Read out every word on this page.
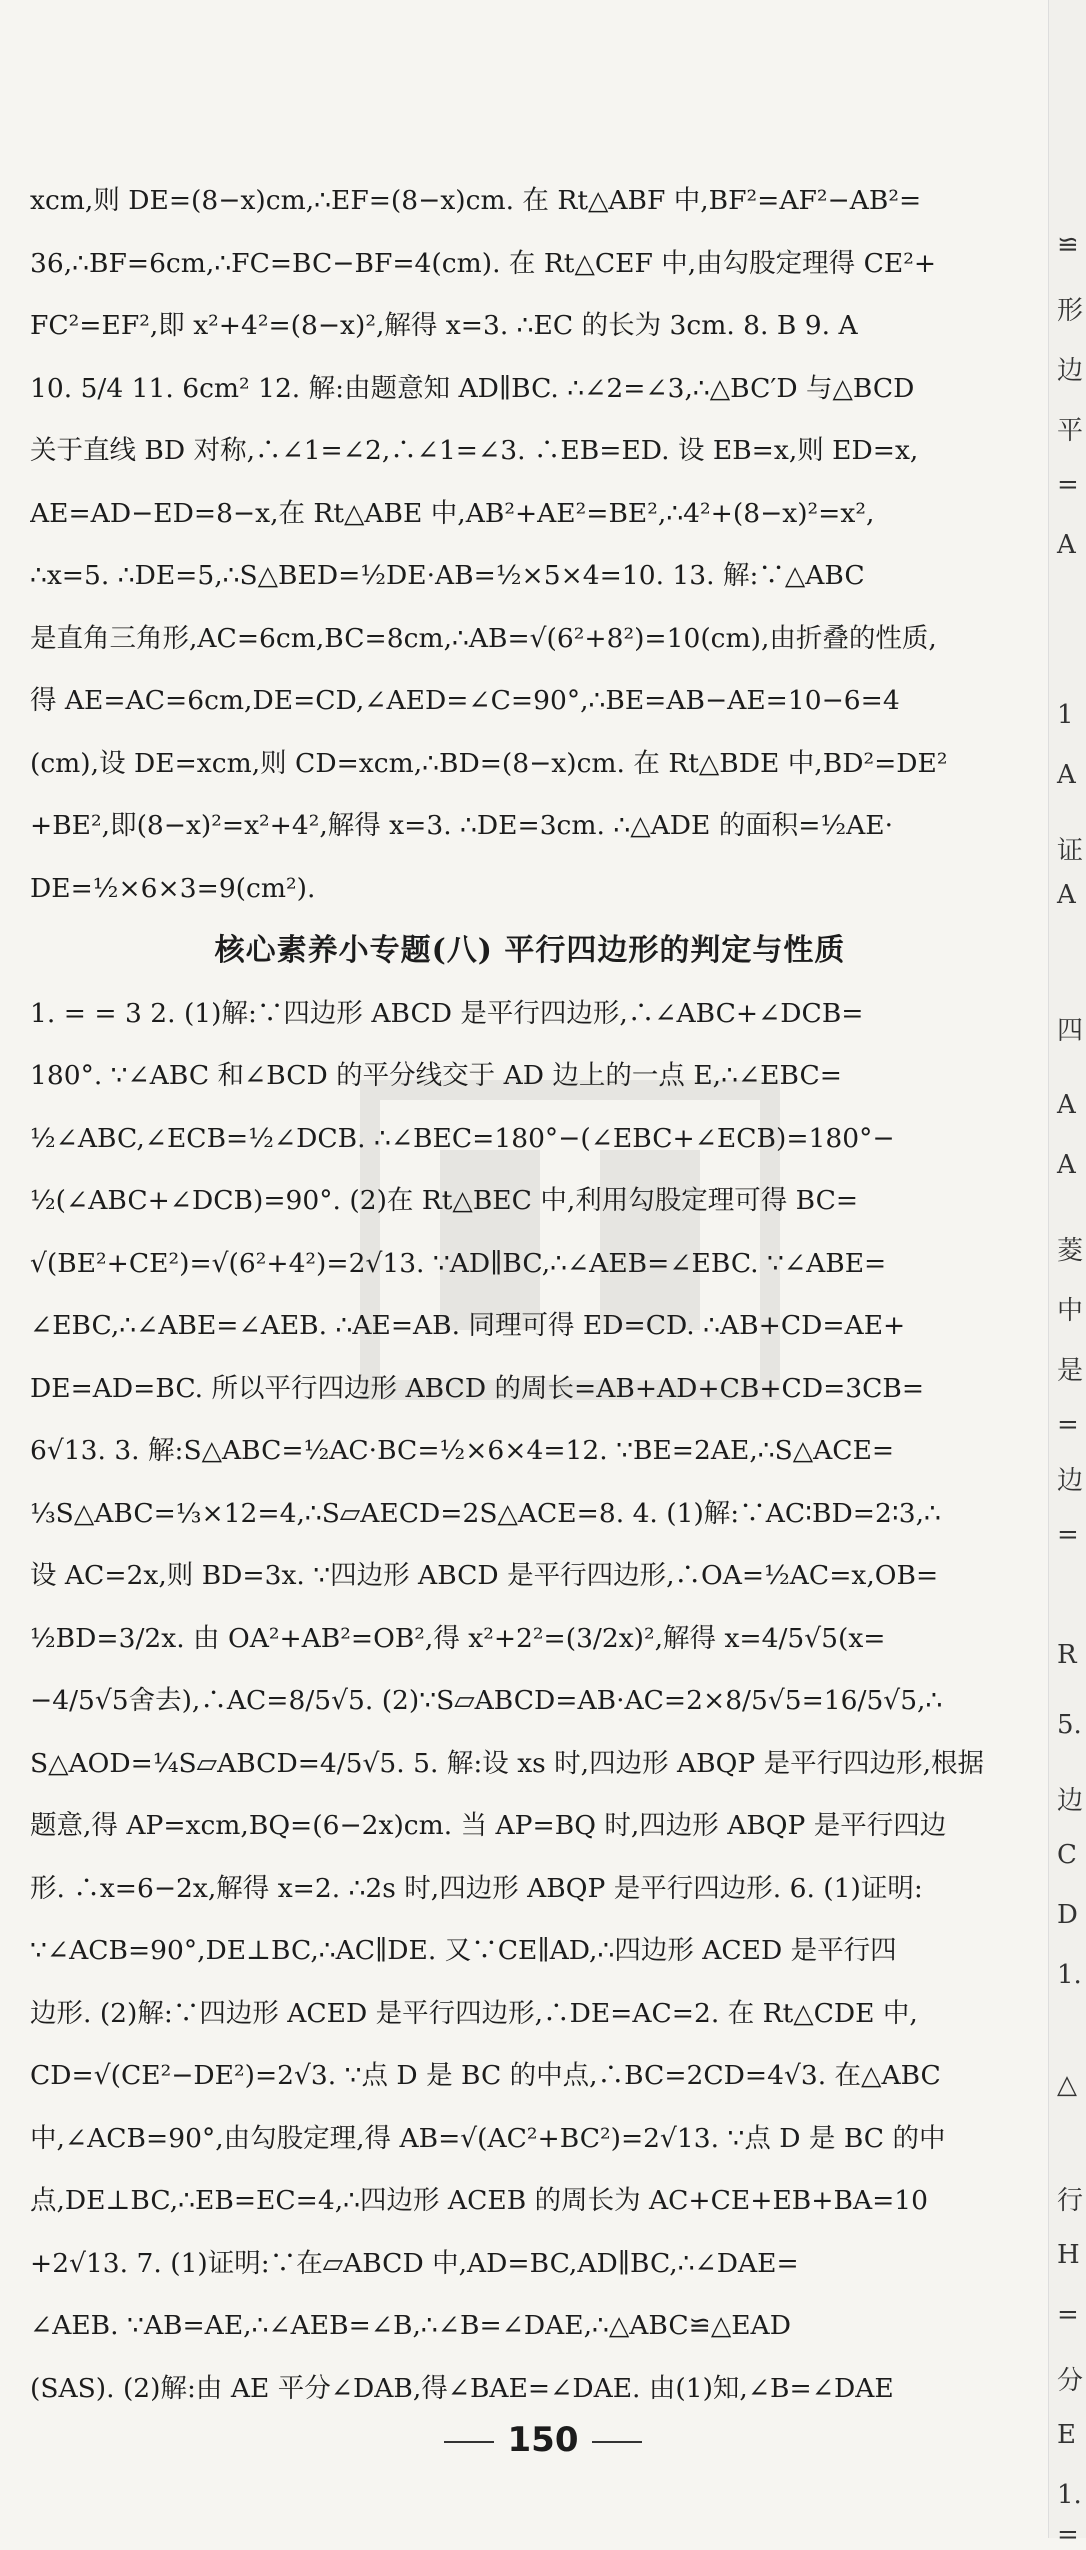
xcm,则 DE=(8−x)cm,∴EF=(8−x)cm. 在 Rt△ABF 中,BF²=AF²−AB²=
36,∴BF=6cm,∴FC=BC−BF=4(cm). 在 Rt△CEF 中,由勾股定理得 CE²+
FC²=EF²,即 x²+4²=(8−x)²,解得 x=3. ∴EC 的长为 3cm. 8. B 9. A
10. 5/4 11. 6cm² 12. 解:由题意知 AD∥BC. ∴∠2=∠3,∴△BC′D 与△BCD
关于直线 BD 对称,∴∠1=∠2,∴∠1=∠3. ∴EB=ED. 设 EB=x,则 ED=x,
AE=AD−ED=8−x,在 Rt△ABE 中,AB²+AE²=BE²,∴4²+(8−x)²=x²,
∴x=5. ∴DE=5,∴S△BED=½DE·AB=½×5×4=10. 13. 解:∵△ABC
是直角三角形,AC=6cm,BC=8cm,∴AB=√(6²+8²)=10(cm),由折叠的性质,
得 AE=AC=6cm,DE=CD,∠AED=∠C=90°,∴BE=AB−AE=10−6=4
(cm),设 DE=xcm,则 CD=xcm,∴BD=(8−x)cm. 在 Rt△BDE 中,BD²=DE²
+BE²,即(8−x)²=x²+4²,解得 x=3. ∴DE=3cm. ∴△ADE 的面积=½AE·
DE=½×6×3=9(cm²).
核心素养小专题(八) 平行四边形的判定与性质
1. = = 3 2. (1)解:∵四边形 ABCD 是平行四边形,∴∠ABC+∠DCB=
180°. ∵∠ABC 和∠BCD 的平分线交于 AD 边上的一点 E,∴∠EBC=
½∠ABC,∠ECB=½∠DCB. ∴∠BEC=180°−(∠EBC+∠ECB)=180°−
½(∠ABC+∠DCB)=90°. (2)在 Rt△BEC 中,利用勾股定理可得 BC=
√(BE²+CE²)=√(6²+4²)=2√13. ∵AD∥BC,∴∠AEB=∠EBC. ∵∠ABE=
∠EBC,∴∠ABE=∠AEB. ∴AE=AB. 同理可得 ED=CD. ∴AB+CD=AE+
DE=AD=BC. 所以平行四边形 ABCD 的周长=AB+AD+CB+CD=3CB=
6√13. 3. 解:S△ABC=½AC·BC=½×6×4=12. ∵BE=2AE,∴S△ACE=
⅓S△ABC=⅓×12=4,∴S▱AECD=2S△ACE=8. 4. (1)解:∵AC∶BD=2∶3,∴
设 AC=2x,则 BD=3x. ∵四边形 ABCD 是平行四边形,∴OA=½AC=x,OB=
½BD=3/2x. 由 OA²+AB²=OB²,得 x²+2²=(3/2x)²,解得 x=4/5√5(x=
−4/5√5舍去),∴AC=8/5√5. (2)∵S▱ABCD=AB·AC=2×8/5√5=16/5√5,∴
S△AOD=¼S▱ABCD=4/5√5. 5. 解:设 xs 时,四边形 ABQP 是平行四边形,根据
题意,得 AP=xcm,BQ=(6−2x)cm. 当 AP=BQ 时,四边形 ABQP 是平行四边
形. ∴x=6−2x,解得 x=2. ∴2s 时,四边形 ABQP 是平行四边形. 6. (1)证明:
∵∠ACB=90°,DE⊥BC,∴AC∥DE. 又∵CE∥AD,∴四边形 ACED 是平行四
边形. (2)解:∵四边形 ACED 是平行四边形,∴DE=AC=2. 在 Rt△CDE 中,
CD=√(CE²−DE²)=2√3. ∵点 D 是 BC 的中点,∴BC=2CD=4√3. 在△ABC
中,∠ACB=90°,由勾股定理,得 AB=√(AC²+BC²)=2√13. ∵点 D 是 BC 的中
点,DE⊥BC,∴EB=EC=4,∴四边形 ACEB 的周长为 AC+CE+EB+BA=10
+2√13. 7. (1)证明:∵在▱ABCD 中,AD=BC,AD∥BC,∴∠DAE=
∠AEB. ∵AB=AE,∴∠AEB=∠B,∴∠B=∠DAE,∴△ABC≌△EAD
(SAS). (2)解:由 AE 平分∠DAB,得∠BAE=∠DAE. 由(1)知,∠B=∠DAE
150
≌
形
边
平
=
A
1
A
证
A
四
A
A
菱
中
是
=
边
=
R
5.
边
C
D
1.
△
行
H
=
分
E
1.
=
